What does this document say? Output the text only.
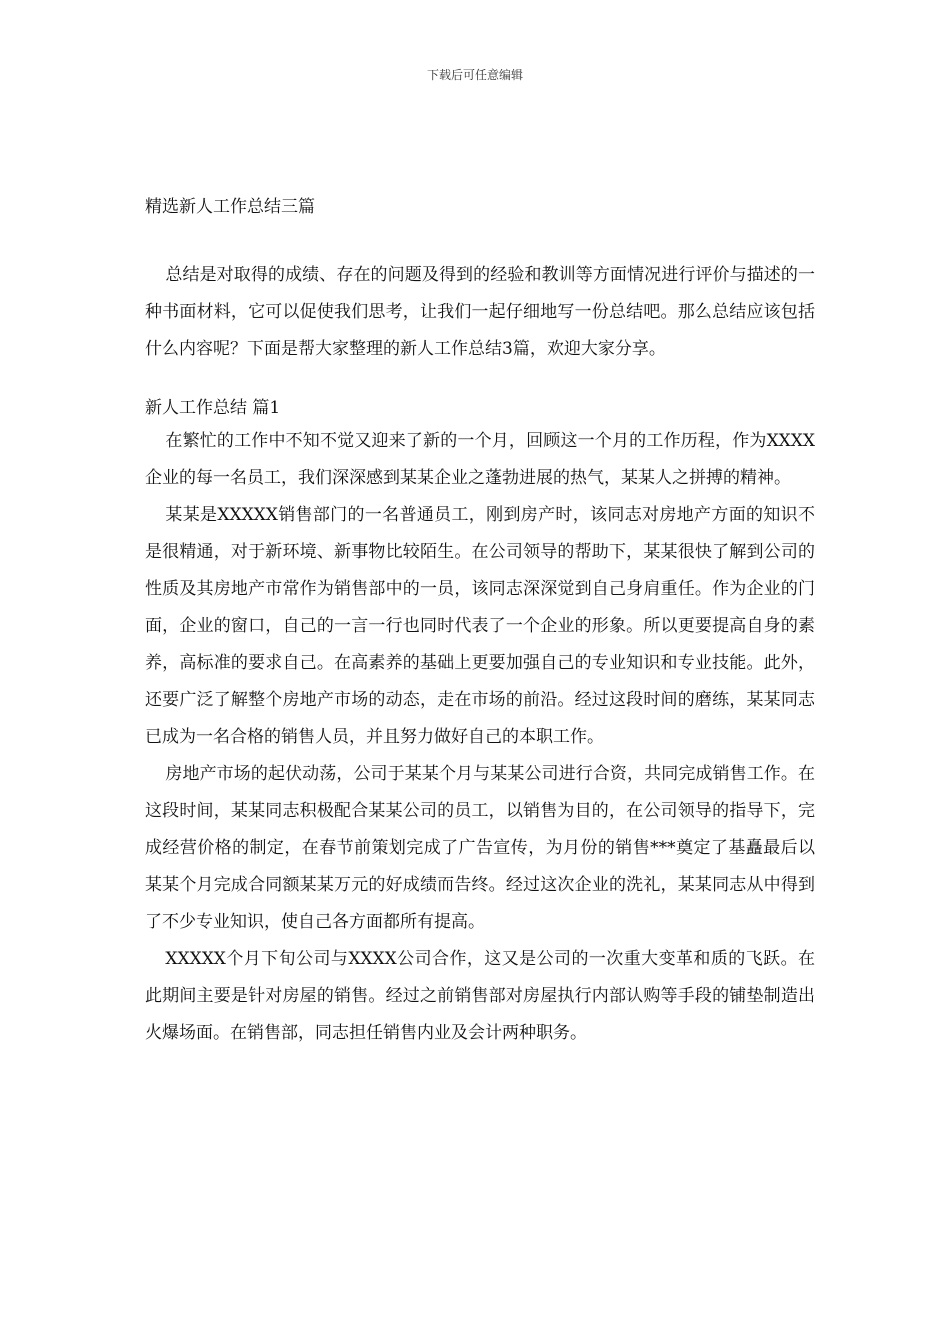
下载后可任意编辑
精选新人工作总结三篇

总结是对取得的成绩、存在的问题及得到的经验和教训等方面情况进行评价与描述的一种书面材料，它可以促使我们思考，让我们一起仔细地写一份总结吧。那么总结应该包括什么内容呢？下面是帮大家整理的新人工作总结3篇，欢迎大家分享。

新人工作总结 篇1

在繁忙的工作中不知不觉又迎来了新的一个月，回顾这一个月的工作历程，作为XXXX企业的每一名员工，我们深深感到某某企业之蓬勃进展的热气，某某人之拼搏的精神。

某某是XXXXX销售部门的一名普通员工，刚到房产时，该同志对房地产方面的知识不是很精通，对于新环境、新事物比较陌生。在公司领导的帮助下，某某很快了解到公司的性质及其房地产市常作为销售部中的一员，该同志深深觉到自己身肩重任。作为企业的门面，企业的窗口，自己的一言一行也同时代表了一个企业的形象。所以更要提高自身的素养，高标准的要求自己。在高素养的基础上更要加强自己的专业知识和专业技能。此外，还要广泛了解整个房地产市场的动态，走在市场的前沿。经过这段时间的磨练，某某同志已成为一名合格的销售人员，并且努力做好自己的本职工作。

房地产市场的起伏动荡，公司于某某个月与某某公司进行合资，共同完成销售工作。在这段时间，某某同志积极配合某某公司的员工，以销售为目的，在公司领导的指导下，完成经营价格的制定，在春节前策划完成了广告宣传，为月份的销售***奠定了基矗最后以某某个月完成合同额某某万元的好成绩而告终。经过这次企业的洗礼，某某同志从中得到了不少专业知识，使自己各方面都所有提高。

XXXXX个月下旬公司与XXXX公司合作，这又是公司的一次重大变革和质的飞跃。在此期间主要是针对房屋的销售。经过之前销售部对房屋执行内部认购等手段的铺垫制造出火爆场面。在销售部，同志担任销售内业及会计两种职务。
